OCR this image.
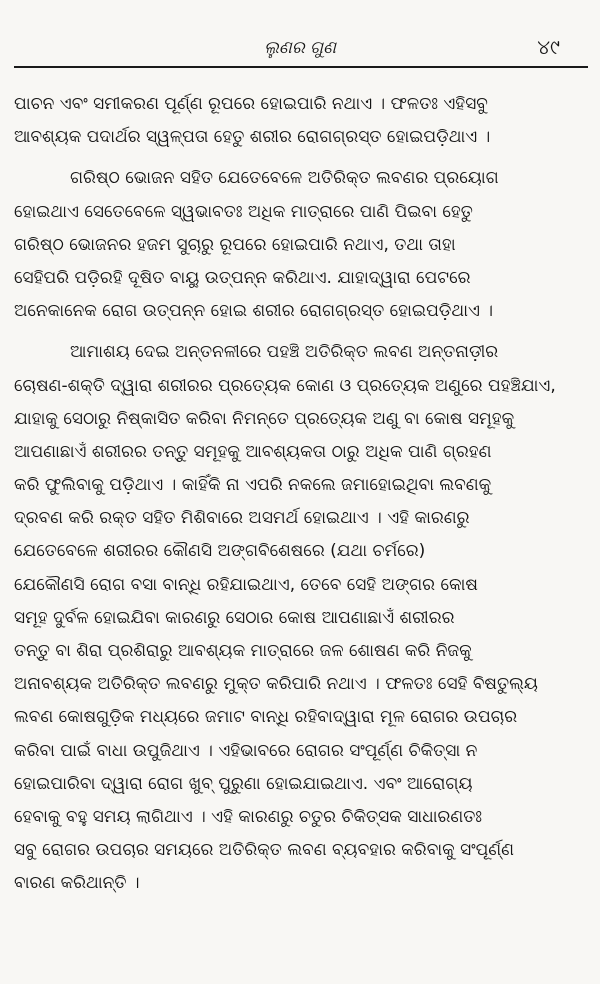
ଲୁଣର ଗୁଣ	୪୯
ପାଚନ ଏବଂ ସମୀକରଣ ପୂର୍ଣ୍ଣ ରୂପରେ ହୋଇପାରି ନଥାଏ । ଫଳତଃ ଏହିସବୁ
ଆବଶ୍ୟକ ପଦାର୍ଥର ସ୍ୱଳ୍ପତା ହେତୁ ଶରୀର ରୋଗଗ୍ରସ୍ତ ହୋଇପଡ଼ିଥାଏ ।
ଗରିଷ୍ଠ ଭୋଜନ ସହିତ ଯେତେବେଳେ ଅତିରିକ୍ତ ଲବଣର ପ୍ରୟୋଗ
ହୋଇଥାଏ ସେତେବେଳେ ସ୍ୱଭାବତଃ ଅଧିକ ମାତ୍ରାରେ ପାଣି ପିଇବା ହେତୁ
ଗରିଷ୍ଠ ଭୋଜନର ହଜମ ସୁଚାରୁ ରୂପରେ ହୋଇପାରି ନଥାଏ, ତଥା ତାହା
ସେହିପରି ପଡ଼ିରହି ଦୂଷିତ ବାୟୁ ଉତ୍ପନ୍ନ କରିଥାଏ. ଯାହାଦ୍ୱାରା ପେଟରେ
ଅନେକାନେକ ରୋଗ ଉତ୍ପନ୍ନ ହୋଇ ଶରୀର ରୋଗଗ୍ରସ୍ତ ହୋଇପଡ଼ିଥାଏ ।
ଆମାଶୟ ଦେଇ ଅନ୍ତନଳୀରେ ପହଞ୍ଚି ଅତିରିକ୍ତ ଲବଣ ଅନ୍ତନାଡ଼ୀର
ଚୋଷଣ-ଶକ୍ତି ଦ୍ୱାରା ଶରୀରର ପ୍ରତ୍ୟେକ କୋଣ ଓ ପ୍ରତ୍ୟେକ ଅଣୁରେ ପହଞ୍ଚିଯାଏ,
ଯାହାକୁ ସେଠାରୁ ନିଷ୍କାସିତ କରିବା ନିମନ୍ତେ ପ୍ରତ୍ୟେକ ଅଣୁ ବା କୋଷ ସମୂହକୁ
ଆପଣାଛାଏଁ ଶରୀରର ତନ୍ତୁ ସମୂହକୁ ଆବଶ୍ୟକତା ଠାରୁ ଅଧିକ ପାଣି ଗ୍ରହଣ
କରି ଫୁଲିବାକୁ ପଡ଼ିଥାଏ । କାହିଁକି ନା ଏପରି ନକଲେ ଜମାହୋଇଥିବା ଲବଣକୁ
ଦ୍ରବଣ କରି ରକ୍ତ ସହିତ ମିଶିବାରେ ଅସମର୍ଥ ହୋଇଥାଏ । ଏହି କାରଣରୁ
ଯେତେବେଳେ ଶରୀରର କୌଣସି ଅଙ୍ଗବିଶେଷରେ (ଯଥା ଚର୍ମରେ)
ଯେକୌଣସି ରୋଗ ବସା ବାନ୍ଧି ରହିଯାଇଥାଏ, ତେବେ ସେହି ଅଙ୍ଗର କୋଷ
ସମୂହ ଦୁର୍ବଳ ହୋଇଯିବା କାରଣରୁ ସେଠାର କୋଷ ଆପଣାଛାଏଁ ଶରୀରର
ତନ୍ତୁ ବା ଶିରା ପ୍ରଶିରାରୁ ଆବଶ୍ୟକ ମାତ୍ରାରେ ଜଳ ଶୋଷଣ କରି ନିଜକୁ
ଅନାବଶ୍ୟକ ଅତିରିକ୍ତ ଲବଣରୁ ମୁକ୍ତ କରିପାରି ନଥାଏ । ଫଳତଃ ସେହି ବିଷତୁଲ୍ୟ
ଲବଣ କୋଷଗୁଡ଼ିକ ମଧ୍ୟରେ ଜମାଟ ବାନ୍ଧି ରହିବାଦ୍ୱାରା ମୂଳ ରୋଗର ଉପଚାର
କରିବା ପାଇଁ ବାଧା ଉପୁଜିଥାଏ । ଏହିଭାବରେ ରୋଗର ସଂପୂର୍ଣ୍ଣ ଚିକିତ୍ସା ନ
ହୋଇପାରିବା ଦ୍ୱାରା ରୋଗ ଖୁବ୍ ପୁରୁଣା ହୋଇଯାଇଥାଏ. ଏବଂ ଆରୋଗ୍ୟ
ହେବାକୁ ବହୁ ସମୟ ଲାଗିଥାଏ । ଏହି କାରଣରୁ ଚତୁର ଚିକିତ୍ସକ ସାଧାରଣତଃ
ସବୁ ରୋଗର ଉପଚାର ସମୟରେ ଅତିରିକ୍ତ ଲବଣ ବ୍ୟବହାର କରିବାକୁ ସଂପୂର୍ଣ୍ଣ
ବାରଣ କରିଥାନ୍ତି ।
